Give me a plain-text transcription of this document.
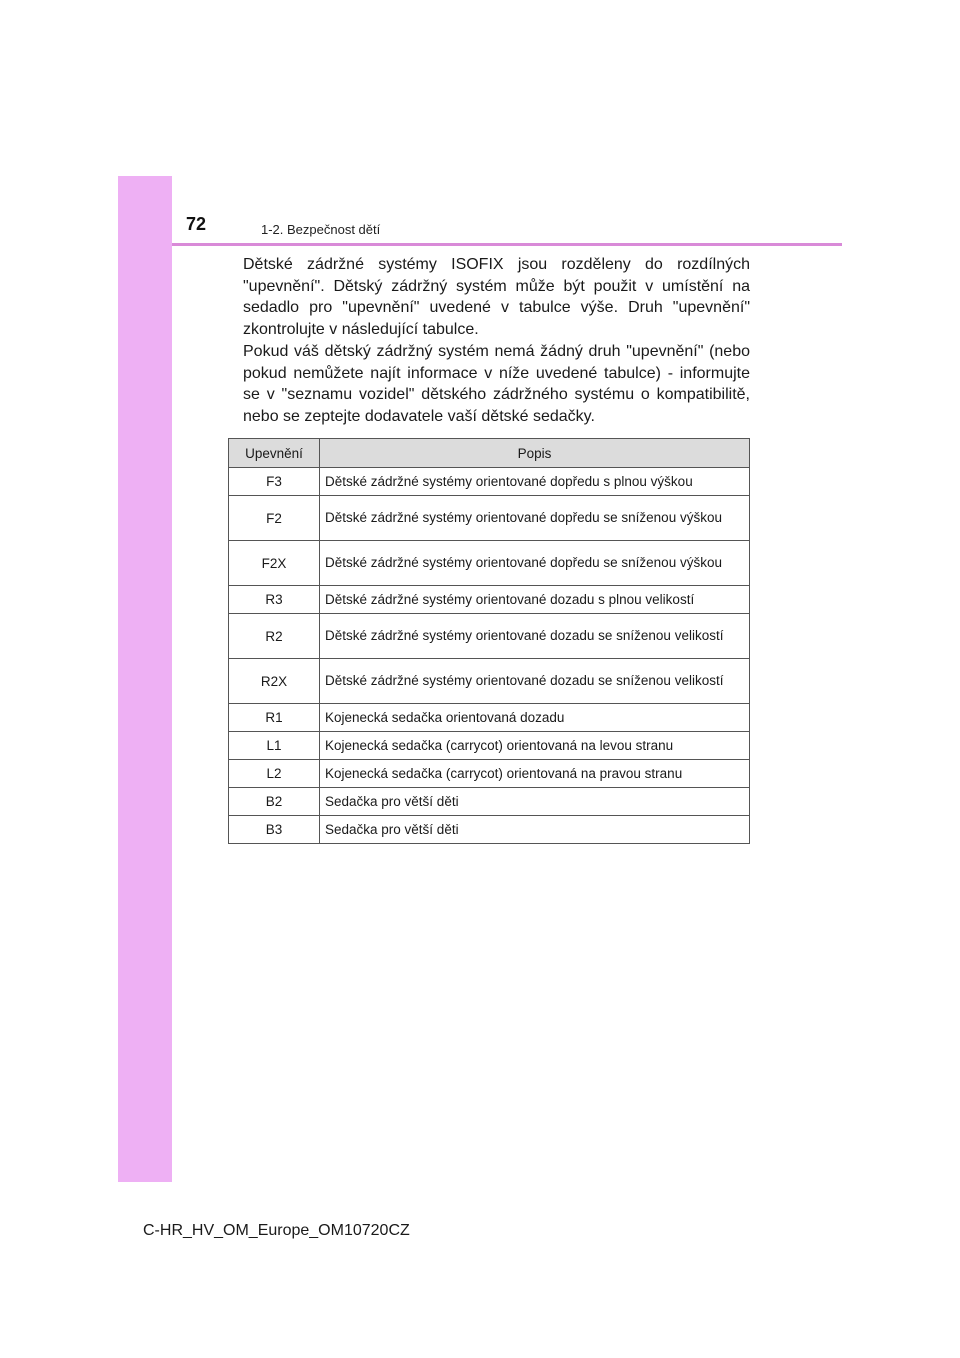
72	1-2. Bezpečnost dětí

Dětské zádržné systémy ISOFIX jsou rozděleny do rozdílných "upevnění". Dětský zádržný systém může být použit v umístění na sedadlo pro "upevnění" uvedené v tabulce výše. Druh "upevnění" zkontrolujte v následující tabulce.

Pokud váš dětský zádržný systém nemá žádný druh "upevnění" (nebo pokud nemůžete najít informace v níže uvedené tabulce) - informujte se v "seznamu vozidel" dětského zádržného systému o kompatibilitě, nebo se zeptejte dodavatele vaší dětské sedačky.

Upevnění	Popis
F3	Dětské zádržné systémy orientované dopředu s plnou výškou
F2	Dětské zádržné systémy orientované dopředu se sníženou výškou
F2X	Dětské zádržné systémy orientované dopředu se sníženou výškou
R3	Dětské zádržné systémy orientované dozadu s plnou velikostí
R2	Dětské zádržné systémy orientované dozadu se sníženou velikostí
R2X	Dětské zádržné systémy orientované dozadu se sníženou velikostí
R1	Kojenecká sedačka orientovaná dozadu
L1	Kojenecká sedačka (carrycot) orientovaná na levou stranu
L2	Kojenecká sedačka (carrycot) orientovaná na pravou stranu
B2	Sedačka pro větší děti
B3	Sedačka pro větší děti
C-HR_HV_OM_Europe_OM10720CZ
